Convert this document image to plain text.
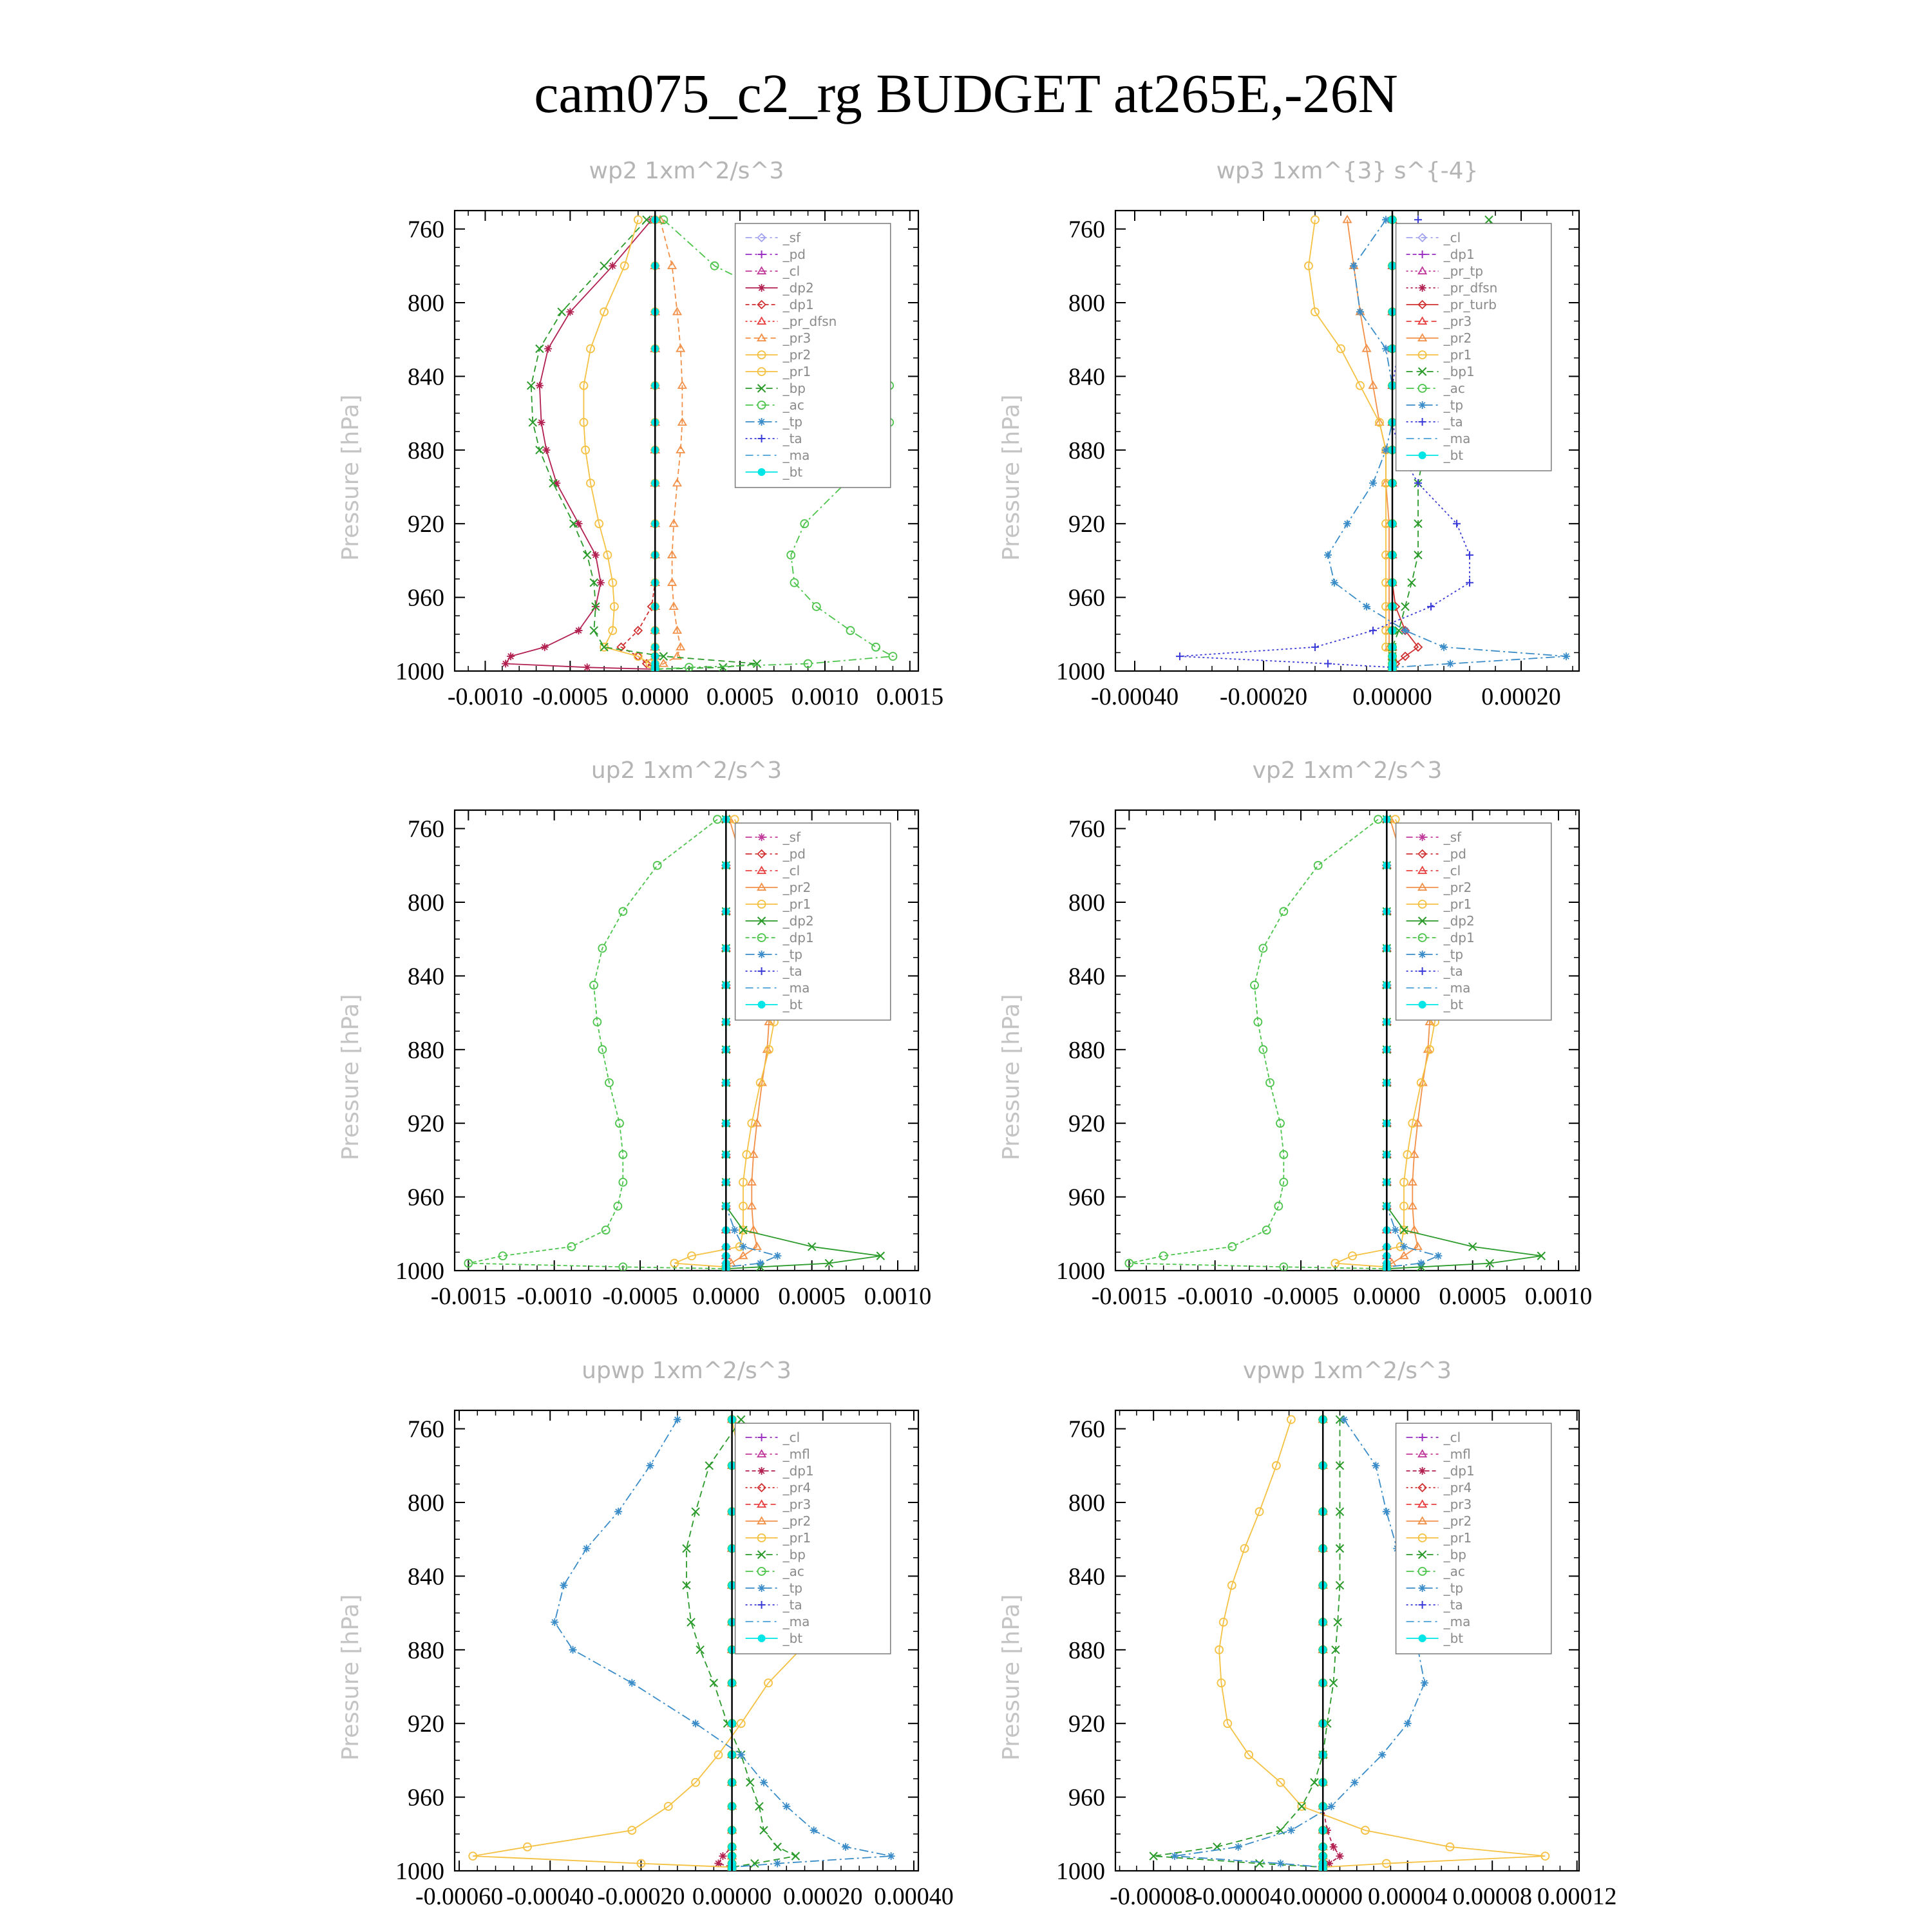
cam075_c2_rg BUDGET at265E,-26N
wp2 1xm^2/s^3
Pressure [hPa]
760
800
840
880
920
960
1000
-0.0010 -0.0005 0.0000 0.0005 0.0010 0.0015
_sf
_pd
_cl
_dp2
_dp1
_pr_dfsn
_pr3
_pr2
_pr1
_bp
_ac
_tp
_ta
_ma
_bt
wp3 1xm^{3} s^{-4}
Pressure [hPa]
760
800
840
880
920
960
1000
-0.00040 -0.00020 0.00000 0.00020
_cl
_dp1
_pr_tp
_pr_dfsn
_pr_turb
_pr3
_pr2
_pr1
_bp1
_ac
_tp
_ta
_ma
_bt
up2 1xm^2/s^3
Pressure [hPa]
760
800
840
880
920
960
1000
-0.0015 -0.0010 -0.0005 0.0000 0.0005 0.0010
_sf
_pd
_cl
_pr2
_pr1
_dp2
_dp1
_tp
_ta
_ma
_bt
vp2 1xm^2/s^3
Pressure [hPa]
760
800
840
880
920
960
1000
-0.0015 -0.0010 -0.0005 0.0000 0.0005 0.0010
_sf
_pd
_cl
_pr2
_pr1
_dp2
_dp1
_tp
_ta
_ma
_bt
upwp 1xm^2/s^3
Pressure [hPa]
760
800
840
880
920
960
1000
-0.00060 -0.00040 -0.00020 0.00000 0.00020 0.00040
_cl
_mfl
_dp1
_pr4
_pr3
_pr2
_pr1
_bp
_ac
_tp
_ta
_ma
_bt
vpwp 1xm^2/s^3
Pressure [hPa]
760
800
840
880
920
960
1000
-0.00008
-0.00004 0.00000 0.00004 0.00008 0.00012
_cl
_mfl
_dp1
_pr4
_pr3
_pr2
_pr1
_bp
_ac
_tp
_ta
_ma
_bt
